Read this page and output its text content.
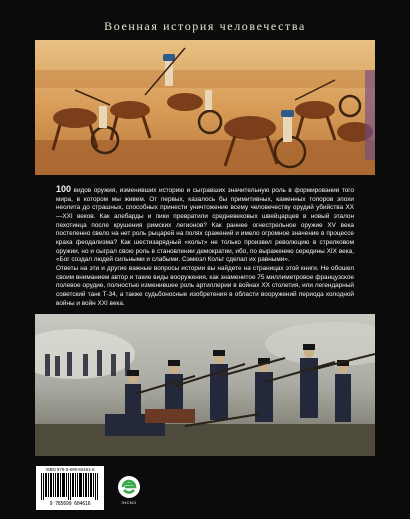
Военная история человечества

100 видов оружия, изменивших историю и сыгравших значительную роль в формировании того мира, в котором мы живем. От первых, казалось бы примитивных, каменных топоров эпохи неолита до страшных, способных принести уничтожение всему человечеству орудий убийства XX—XXI веков. Как алебарды и пики превратили средневековых швейцарцев в новый эталон пехотинца после крушения римских легионов? Как раннее огнестрельное оружие XV века постепенно свело на нет роль рыцарей на полях сражений и имело огромное значение в процессе краха феодализма? Как шестизарядный «кольт» не только произвел революцию в стрелковом оружии, но и сыграл свою роль в становлении демократии, ибо, по выражению середины XIX века, «Бог создал людей сильными и слабыми. Сэмюэл Кольт сделал их равными».

Ответы на эти и другие важные вопросы истории вы найдете на страницах этой книги. Не обошел своим вниманием автор и такие виды вооружения, как знаменитое 75 миллиметровое французское полевое орудие, полностью изменившее роль артиллерии в войнах XX столетия, или легендарный советский танк Т-34, а также судьбоносные изобретения в области вооружений периода холодной войны и войн XXI века.

ISBN 978-5-699-60461-6
9 785699 604616	ЭКСМО
